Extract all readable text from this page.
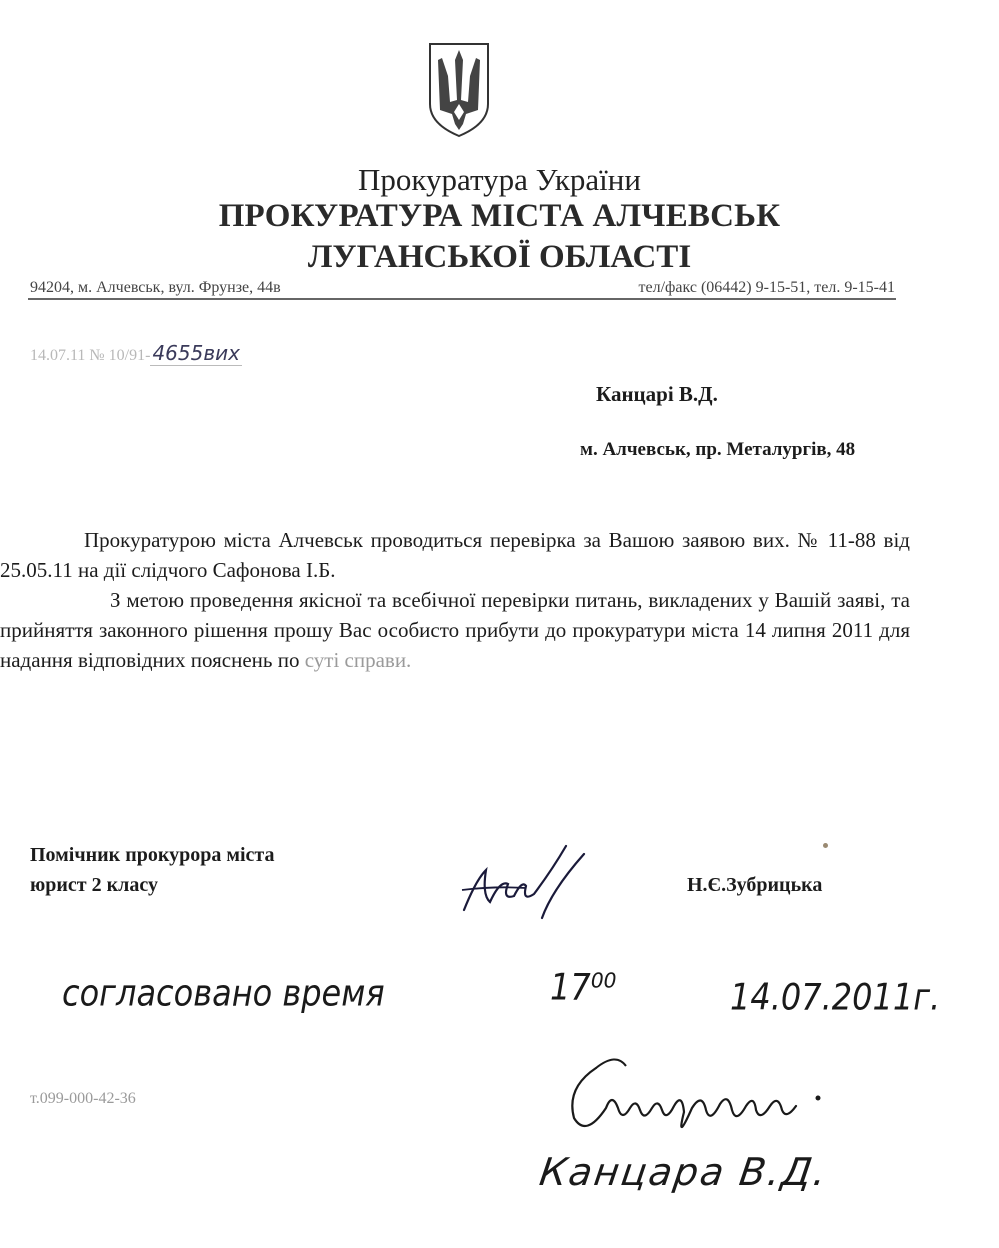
Прокуратура України
ПРОКУРАТУРА МІСТА АЛЧЕВСЬК
ЛУГАНСЬКОЇ ОБЛАСТІ
94204, м. Алчевськ, вул. Фрунзе, 44в	тел/факс (06442) 9-15-51, тел. 9-15-41
14.07.11 № 10/91- 4655вих
Канцарі В.Д.
м. Алчевськ, пр. Металургів, 48

Прокуратурою міста Алчевськ проводиться перевірка за Вашою заявою вих. № 11-88 від 25.05.11 на дії слідчого Сафонова І.Б.

З метою проведення якісної та всебічної перевірки питань, викладених у Вашій заяві, та прийняття законного рішення прошу Вас особисто прибути до прокуратури міста 14 липня 2011 для надання відповідних пояснень по суті справи.

Помічник прокурора міста
юрист 2 класу	Н.Є.Зубрицька
согласовано время	17⁰⁰	14.07.2011г.
т.099-000-42-36
Канцара В.Д.
